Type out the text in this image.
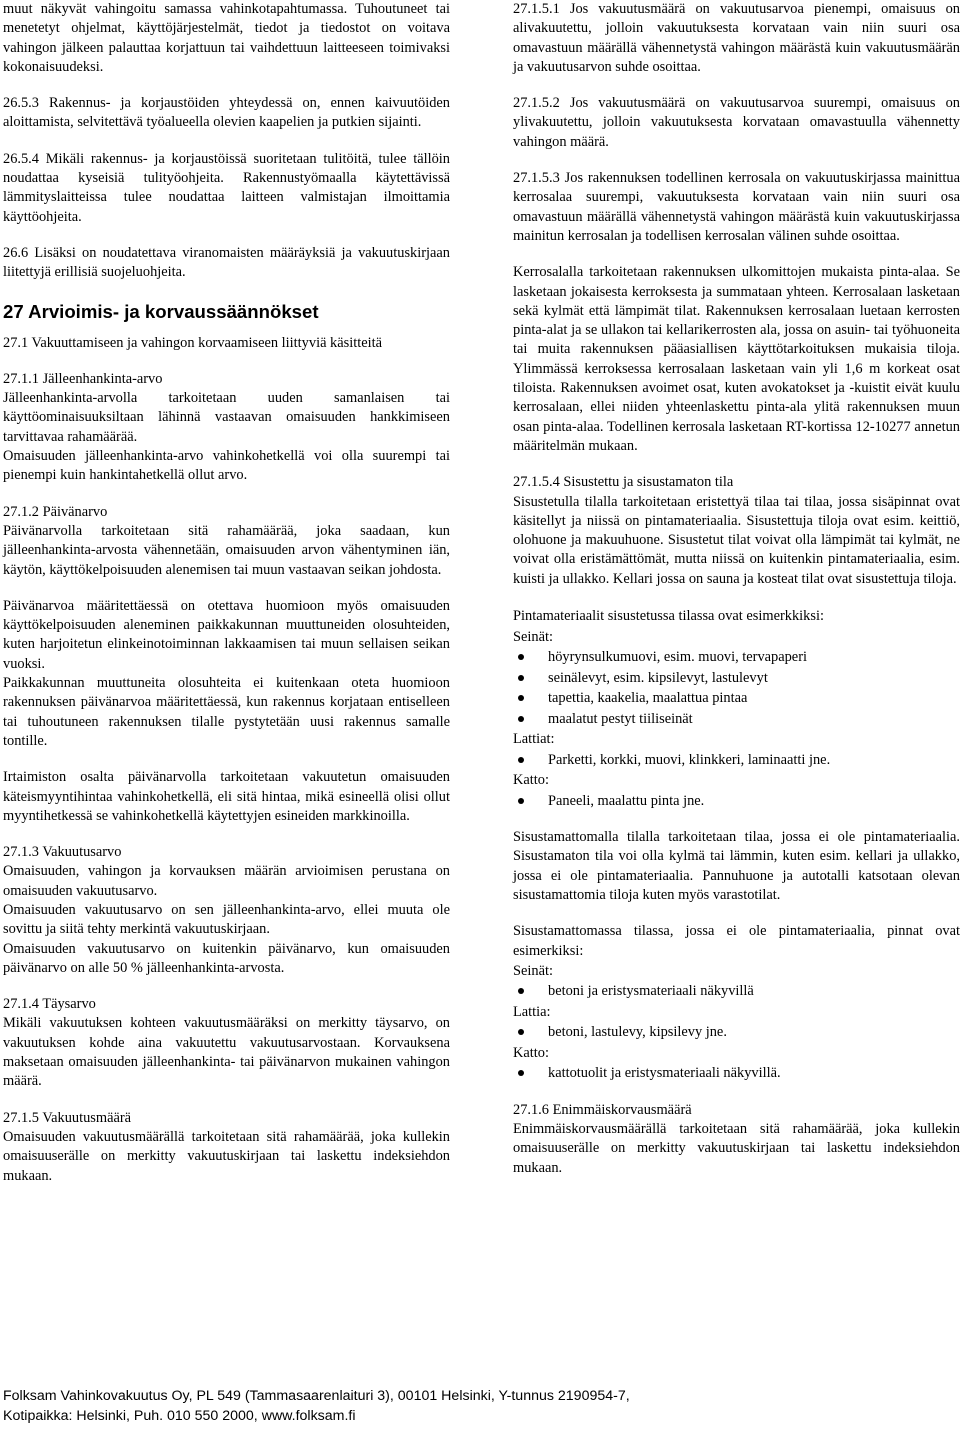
muut näkyvät vahingoitu samassa vahinkotapahtumassa. Tuhoutuneet tai menetetyt ohjelmat, käyttöjärjestelmät, tiedot ja tiedostot on voitava vahingon jälkeen palauttaa korjattuun tai vaihdettuun laitteeseen toimivaksi kokonaisuudeksi.

26.5.3 Rakennus- ja korjaustöiden yhteydessä on, ennen kaivuutöiden aloittamista, selvitettävä työalueella olevien kaapelien ja putkien sijainti.

26.5.4 Mikäli rakennus- ja korjaustöissä suoritetaan tulitöitä, tulee tällöin noudattaa kyseisiä tulityöohjeita. Rakennustyömaalla käytettävissä lämmityslaitteissa tulee noudattaa laitteen valmistajan ilmoittamia käyttöohjeita.

26.6 Lisäksi on noudatettava viranomaisten määräyksiä ja vakuutuskirjaan liitettyjä erillisiä suojeluohjeita.

27 Arvioimis- ja korvaussäännökset

27.1 Vakuuttamiseen ja vahingon korvaamiseen liittyviä käsitteitä

27.1.1 Jälleenhankinta-arvo

Jälleenhankinta-arvolla tarkoitetaan uuden samanlaisen tai käyttöominaisuuksiltaan lähinnä vastaavan omaisuuden hankkimiseen tarvittavaa rahamäärää.

Omaisuuden jälleenhankinta-arvo vahinkohetkellä voi olla suurempi tai pienempi kuin hankintahetkellä ollut arvo.

27.1.2 Päivänarvo

Päivänarvolla tarkoitetaan sitä rahamäärää, joka saadaan, kun jälleenhankinta-arvosta vähennetään, omaisuuden arvon vähentyminen iän, käytön, käyttökelpoisuuden alenemisen tai muun vastaavan seikan johdosta.

Päivänarvoa määritettäessä on otettava huomioon myös omaisuuden käyttökelpoisuuden aleneminen paikkakunnan muuttuneiden olosuhteiden, kuten harjoitetun elinkeinotoiminnan lakkaamisen tai muun sellaisen seikan vuoksi.

Paikkakunnan muuttuneita olosuhteita ei kuitenkaan oteta huomioon rakennuksen päivänarvoa määritettäessä, kun rakennus korjataan entiselleen tai tuhoutuneen rakennuksen tilalle pystytetään uusi rakennus samalle tontille.

Irtaimiston osalta päivänarvolla tarkoitetaan vakuutetun omaisuuden käteismyyntihintaa vahinkohetkellä, eli sitä hintaa, mikä esineellä olisi ollut myyntihetkessä se vahinkohetkellä käytettyjen esineiden markkinoilla.

27.1.3 Vakuutusarvo

Omaisuuden, vahingon ja korvauksen määrän arvioimisen perustana on omaisuuden vakuutusarvo.

Omaisuuden vakuutusarvo on sen jälleenhankinta-arvo, ellei muuta ole sovittu ja siitä tehty merkintä vakuutuskirjaan.

Omaisuuden vakuutusarvo on kuitenkin päivänarvo, kun omaisuuden päivänarvo on alle 50 % jälleenhankinta-arvosta.

27.1.4 Täysarvo

Mikäli vakuutuksen kohteen vakuutusmääräksi on merkitty täysarvo, on vakuutuksen kohde aina vakuutettu vakuutusarvostaan. Korvauksena maksetaan omaisuuden jälleenhankinta- tai päivänarvon mukainen vahingon määrä.

27.1.5 Vakuutusmäärä

Omaisuuden vakuutusmäärällä tarkoitetaan sitä rahamäärää, joka kullekin omaisuuserälle on merkitty vakuutuskirjaan tai laskettu indeksiehdon mukaan.

27.1.5.1 Jos vakuutusmäärä on vakuutusarvoa pienempi, omaisuus on alivakuutettu, jolloin vakuutuksesta korvataan vain niin suuri osa omavastuun määrällä vähennetystä vahingon määrästä kuin vakuutusmäärän ja vakuutusarvon suhde osoittaa.

27.1.5.2 Jos vakuutusmäärä on vakuutusarvoa suurempi, omaisuus on ylivakuutettu, jolloin vakuutuksesta korvataan omavastuulla vähennetty vahingon määrä.

27.1.5.3 Jos rakennuksen todellinen kerrosala on vakuutuskirjassa mainittua kerrosalaa suurempi, vakuutuksesta korvataan vain niin suuri osa omavastuun määrällä vähennetystä vahingon määrästä kuin vakuutuskirjassa mainitun kerrosalan ja todellisen kerrosalan välinen suhde osoittaa.

Kerrosalalla tarkoitetaan rakennuksen ulkomittojen mukaista pinta-alaa. Se lasketaan jokaisesta kerroksesta ja summataan yhteen. Kerrosalaan lasketaan sekä kylmät että lämpimät tilat. Rakennuksen kerrosalaan luetaan kerrosten pinta-alat ja se ullakon tai kellarikerrosten ala, jossa on asuin- tai työhuoneita tai muita rakennuksen pääasiallisen käyttötarkoituksen mukaisia tiloja. Ylimmässä kerroksessa kerrosalaan lasketaan vain yli 1,6 m korkeat osat tiloista. Rakennuksen avoimet osat, kuten avokatokset ja -kuistit eivät kuulu kerrosalaan, ellei niiden yhteenlaskettu pinta-ala ylitä rakennuksen muun osan pinta-alaa. Todellinen kerrosala lasketaan RT-kortissa 12-10277 annetun määritelmän mukaan.

27.1.5.4 Sisustettu ja sisustamaton tila

Sisustetulla tilalla tarkoitetaan eristettyä tilaa tai tilaa, jossa sisäpinnat ovat käsitellyt ja niissä on pintamateriaalia. Sisustettuja tiloja ovat esim. keittiö, olohuone ja makuuhuone. Sisustetut tilat voivat olla lämpimät tai kylmät, ne voivat olla eristämättömät, mutta niissä on kuitenkin pintamateriaalia, esim. kuisti ja ullakko. Kellari jossa on sauna ja kosteat tilat ovat sisustettuja tiloja.

Pintamateriaalit sisustetussa tilassa ovat esimerkkiksi:
Seinät:
höyrynsulkumuovi, esim. muovi, tervapaperi
seinälevyt, esim. kipsilevyt, lastulevyt
tapettia, kaakelia, maalattua pintaa
maalatut pestyt tiiliseinät
Lattiat:
Parketti, korkki, muovi, klinkkeri, laminaatti jne.
Katto:
Paneeli, maalattu pinta jne.

Sisustamattomalla tilalla tarkoitetaan tilaa, jossa ei ole pintamateriaalia. Sisustamaton tila voi olla kylmä tai lämmin, kuten esim. kellari ja ullakko, jossa ei ole pintamateriaalia. Pannuhuone ja autotalli katsotaan olevan sisustamattomia tiloja kuten myös varastotilat.

Sisustamattomassa tilassa, jossa ei ole pintamateriaalia, pinnat ovat esimerkiksi:

Seinät:
betoni ja eristysmateriaali näkyvillä
Lattia:
betoni, lastulevy, kipsilevy jne.
Katto:
kattotuolit ja eristysmateriaali näkyvillä.

27.1.6 Enimmäiskorvausmäärä

Enimmäiskorvausmäärällä tarkoitetaan sitä rahamäärää, joka kullekin omaisuuserälle on merkitty vakuutuskirjaan tai laskettu indeksiehdon mukaan.

Folksam Vahinkovakuutus Oy, PL 549 (Tammasaarenlaituri 3), 00101 Helsinki, Y-tunnus 2190954-7,
Kotipaikka: Helsinki, Puh. 010 550 2000, www.folksam.fi
